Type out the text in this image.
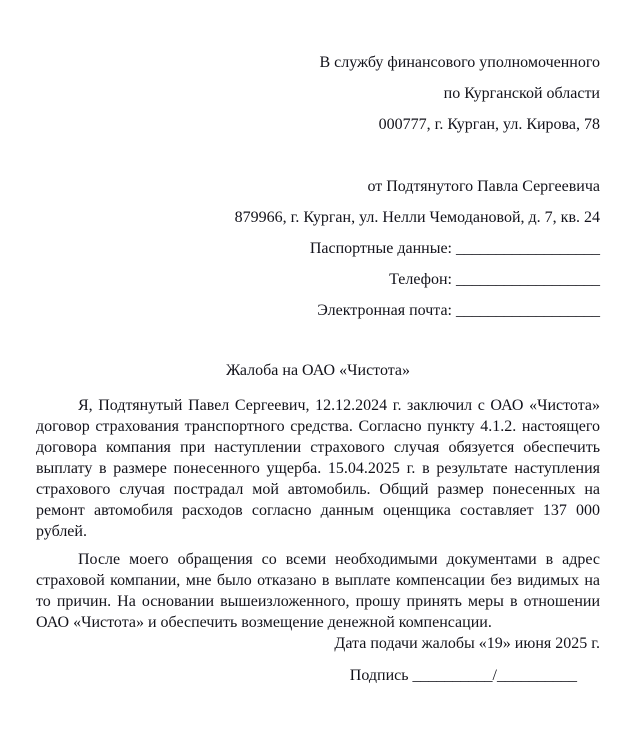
В службу финансового уполномоченного
по Курганской области
000777, г. Курган, ул. Кирова, 78
от Подтянутого Павла Сергеевича
879966, г. Курган, ул. Нелли Чемодановой, д. 7, кв. 24
Паспортные данные: __________________
Телефон: __________________
Электронная почта: __________________
Жалоба на ОАО «Чистота»

Я, Подтянутый Павел Сергеевич, 12.12.2024 г. заключил с ОАО «Чистота» договор страхования транспортного средства. Согласно пункту 4.1.2. настоящего договора компания при наступлении страхового случая обязуется обеспечить выплату в размере понесенного ущерба. 15.04.2025 г. в результате наступления страхового случая пострадал мой автомобиль. Общий размер понесенных на ремонт автомобиля расходов согласно данным оценщика составляет 137 000 рублей.

После моего обращения со всеми необходимыми документами в адрес страховой компании, мне было отказано в выплате компенсации без видимых на то причин. На основании вышеизложенного, прошу принять меры в отношении ОАО «Чистота» и обеспечить возмещение денежной компенсации.

Дата подачи жалобы «19» июня 2025 г.
Подпись __________/__________
